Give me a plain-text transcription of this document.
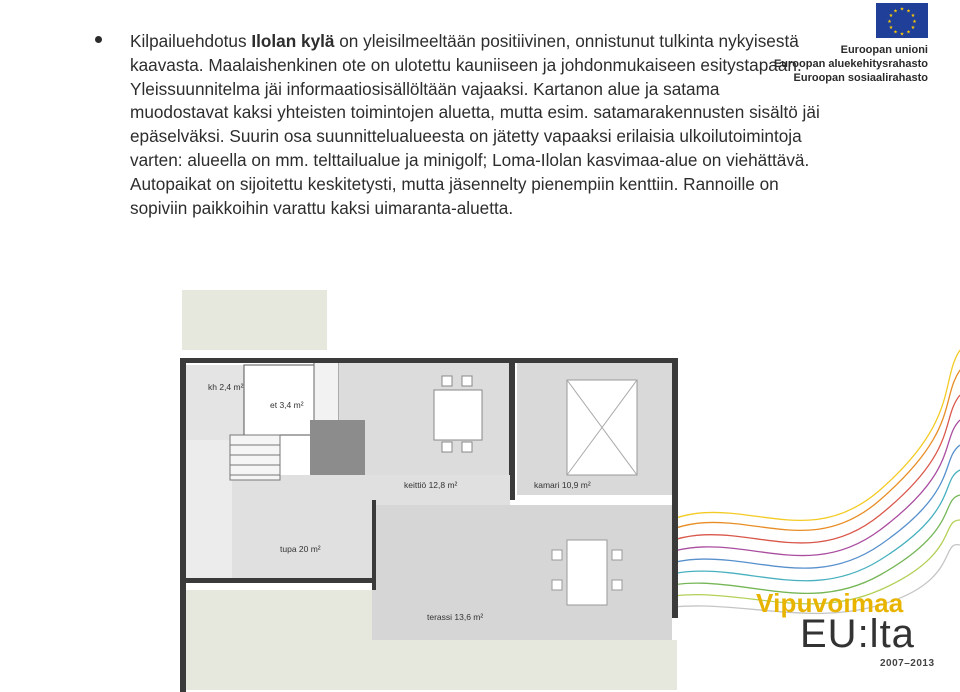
Kilpailuehdotus Ilolan kylä on yleisilmeeltään positiivinen, onnistunut tulkinta nykyisestä kaavasta. Maalaishenkinen ote on ulotettu kauniiseen ja johdonmukaiseen esitystapaan. Yleissuunnitelma jäi informaatiosisällöltään vajaaksi. Kartanon alue ja satama muodostavat kaksi yhteisten toimintojen aluetta, mutta esim. satamarakennusten sisältö jäi epäselväksi. Suurin osa suunnittelualueesta on jätetty vapaaksi erilaisia ulkoilutoimintoja varten: alueella on mm. telttailualue ja minigolf; Loma-Ilolan kasvimaa-alue on viehättävä. Autopaikat on sijoitettu keskitetysti, mutta jäsennelty pienempiin kenttiin. Rannoille on sopiviin paikkoihin varattu kaksi uimaranta-aluetta.

★ ★
★
★
★
★
★
★
★
★
★
★
Euroopan unioni
Euroopan aluekehitysrahasto
Euroopan sosiaalirahasto
kh 2,4 m²
et 3,4 m²
keittiö 12,8 m²	kamari 10,9 m²
tupa 20 m²
terassi 13,6 m²	Vipuvoimaa
EU:lta
2007–2013
